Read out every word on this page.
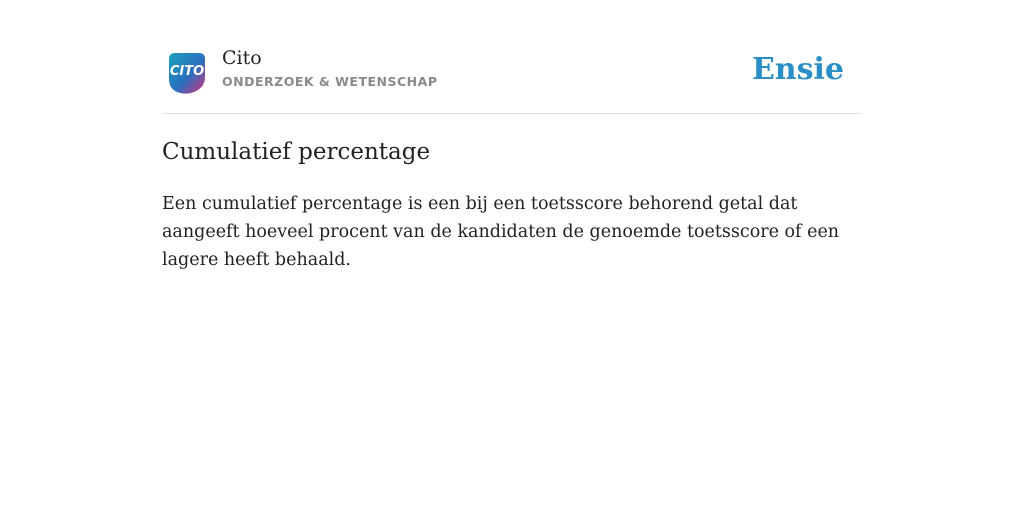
CITO
Cito
ONDERZOEK & WETENSCHAP	Ensie
Cumulatief percentage

Een cumulatief percentage is een bij een toetsscore behorend getal dat aangeeft hoeveel procent van de kandidaten de genoemde toetsscore of een lagere heeft behaald.
